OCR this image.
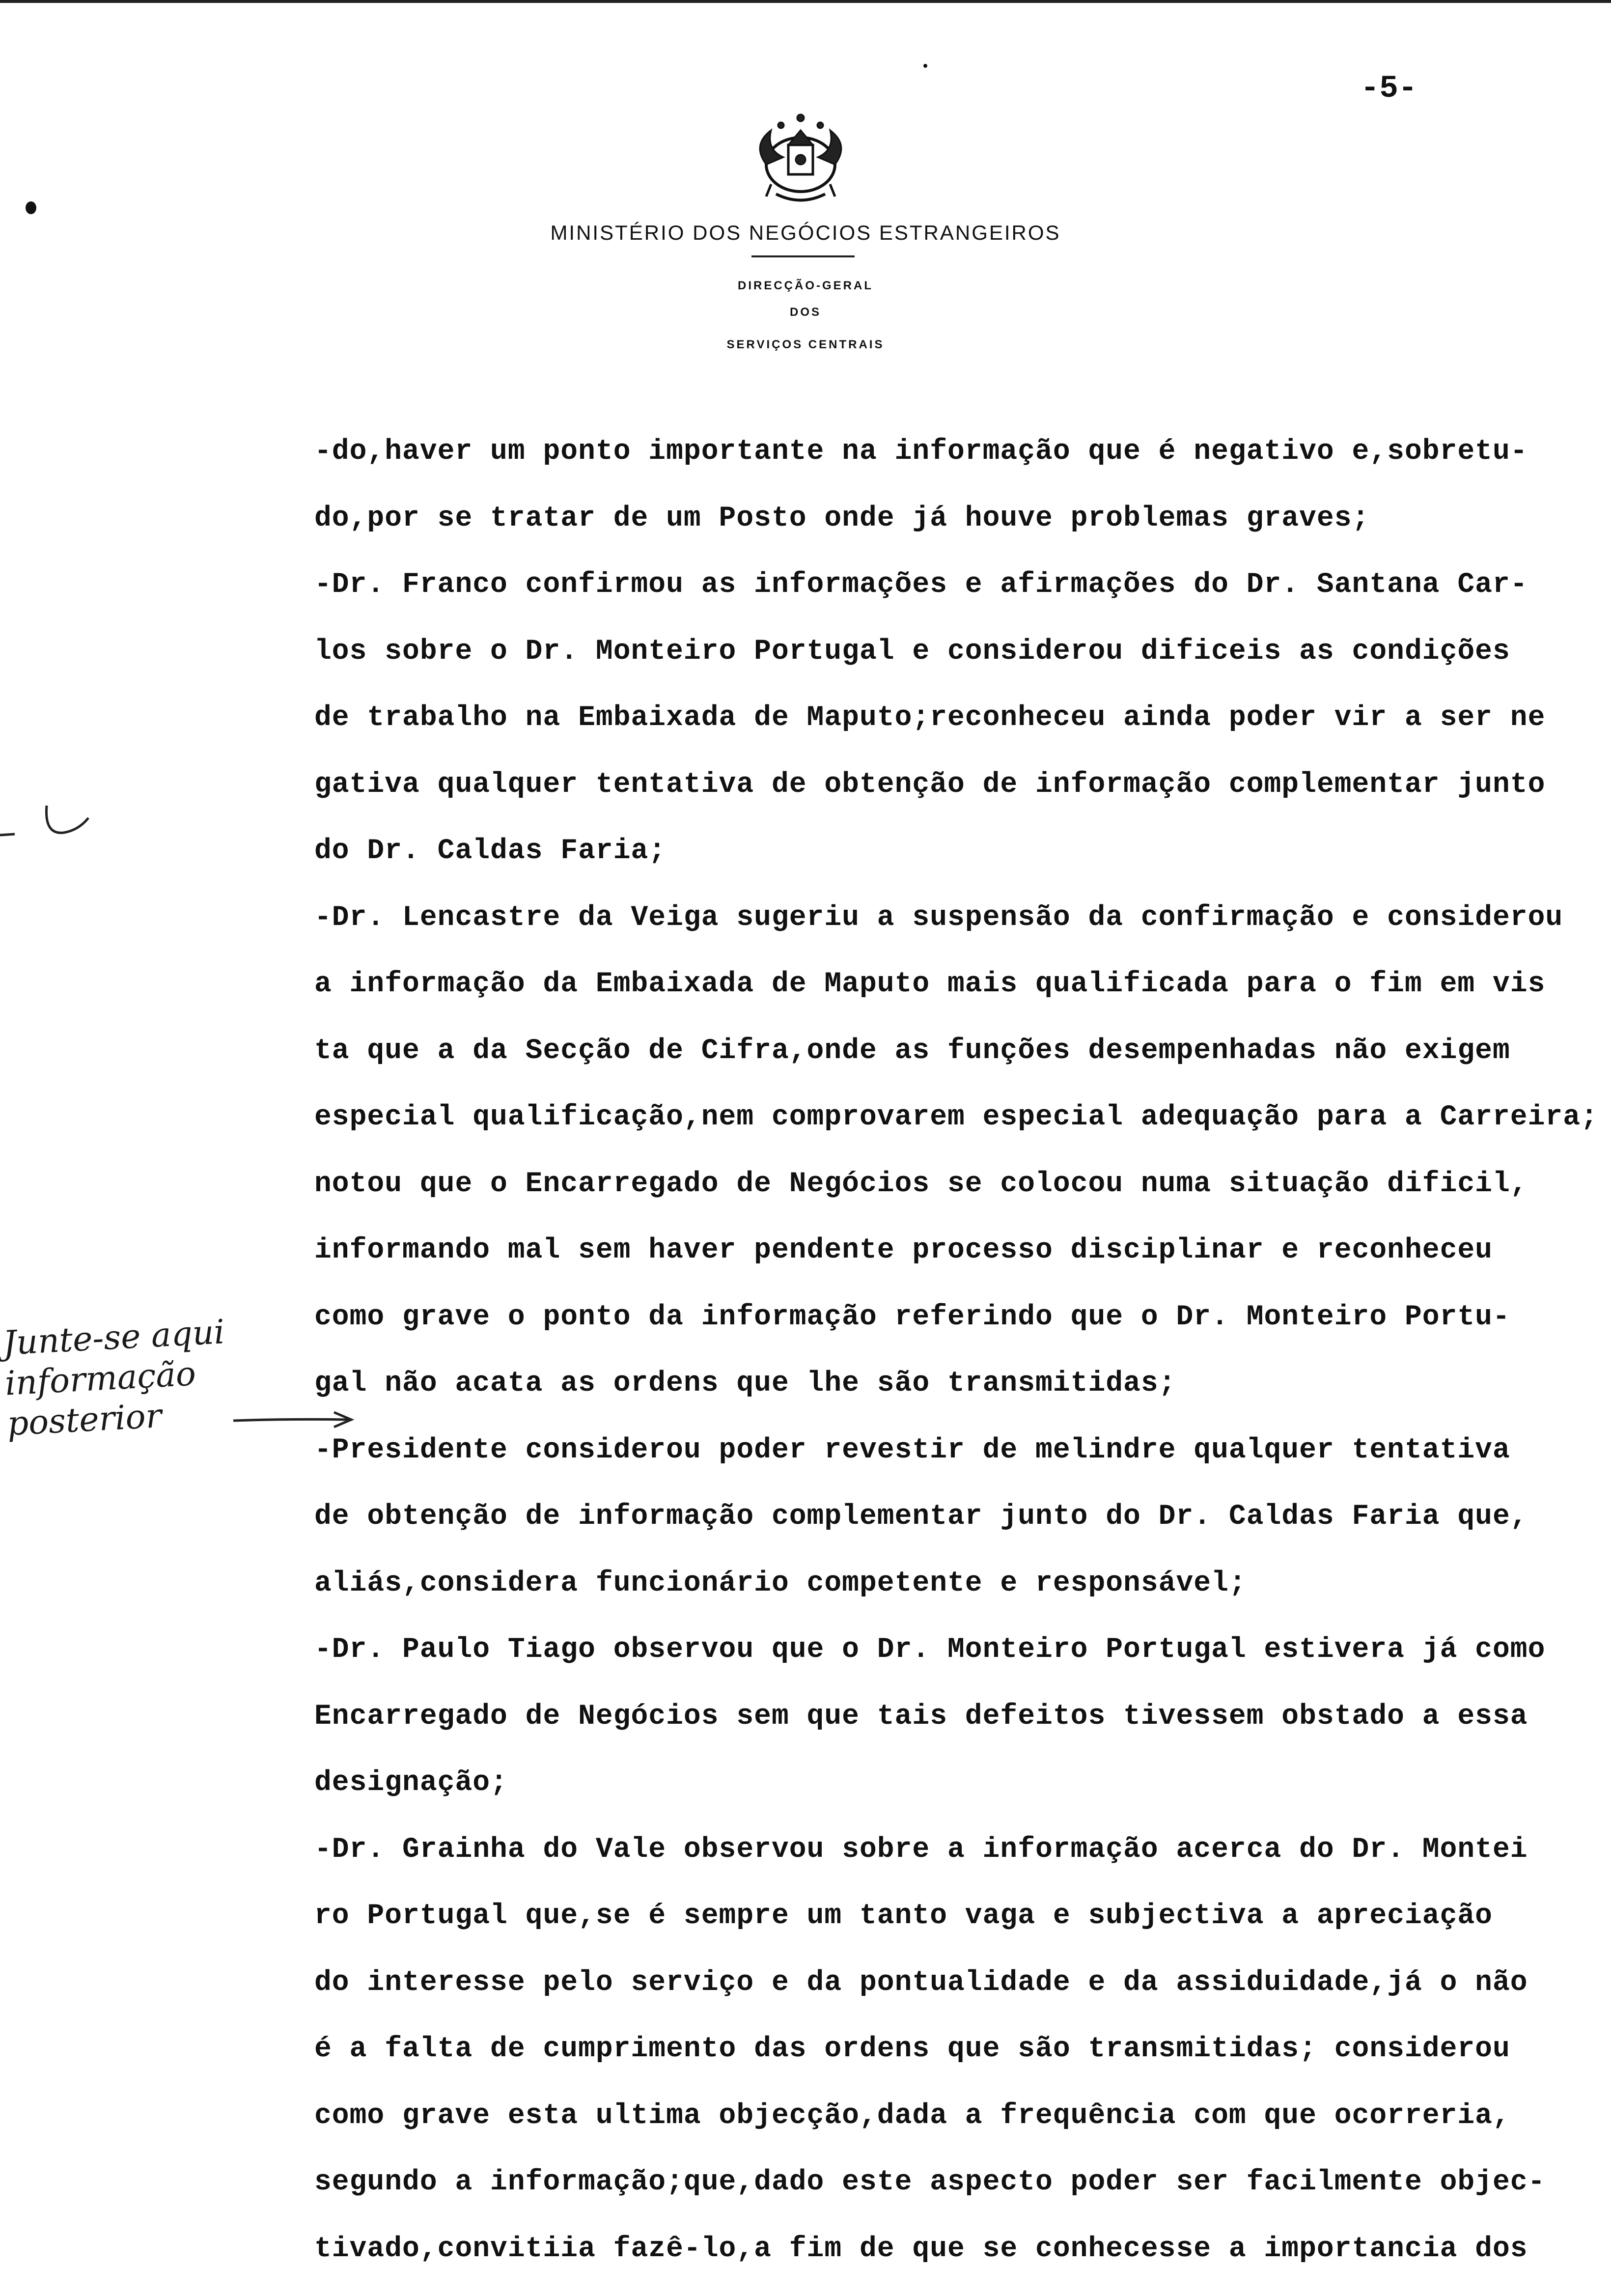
-5-
MINISTÉRIO DOS NEGÓCIOS ESTRANGEIROS
DIRECÇÃO-GERAL
DOS
SERVIÇOS CENTRAIS
-do,haver um ponto importante na informação que é negativo e,sobretu-
do,por se tratar de um Posto onde já houve problemas graves;
-Dr. Franco confirmou as informações e afirmações do Dr. Santana Car-
los sobre o Dr. Monteiro Portugal e considerou dificeis as condições
de trabalho na Embaixada de Maputo;reconheceu ainda poder vir a ser ne
gativa qualquer tentativa de obtenção de informação complementar junto
do Dr. Caldas Faria;
-Dr. Lencastre da Veiga sugeriu a suspensão da confirmação e considerou
a informação da Embaixada de Maputo mais qualificada para o fim em vis
ta que a da Secção de Cifra,onde as funções desempenhadas não exigem
especial qualificação,nem comprovarem especial adequação para a Carreira;
notou que o Encarregado de Negócios se colocou numa situação dificil,
informando mal sem haver pendente processo disciplinar e reconheceu
como grave o ponto da informação referindo que o Dr. Monteiro Portu-
gal não acata as ordens que lhe são transmitidas;
-Presidente considerou poder revestir de melindre qualquer tentativa
de obtenção de informação complementar junto do Dr. Caldas Faria que,
aliás,considera funcionário competente e responsável;
-Dr. Paulo Tiago observou que o Dr. Monteiro Portugal estivera já como
Encarregado de Negócios sem que tais defeitos tivessem obstado a essa
designação;
-Dr. Grainha do Vale observou sobre a informação acerca do Dr. Montei
ro Portugal que,se é sempre um tanto vaga e subjectiva a apreciação
do interesse pelo serviço e da pontualidade e da assiduidade,já o não
é a falta de cumprimento das ordens que são transmitidas; considerou
como grave esta ultima objecção,dada a frequência com que ocorreria,
segundo a informação;que,dado este aspecto poder ser facilmente objec-
tivado,convitiia fazê-lo,a fim de que se conhecesse a importancia dos
Junte-se aqui
informação
posterior
